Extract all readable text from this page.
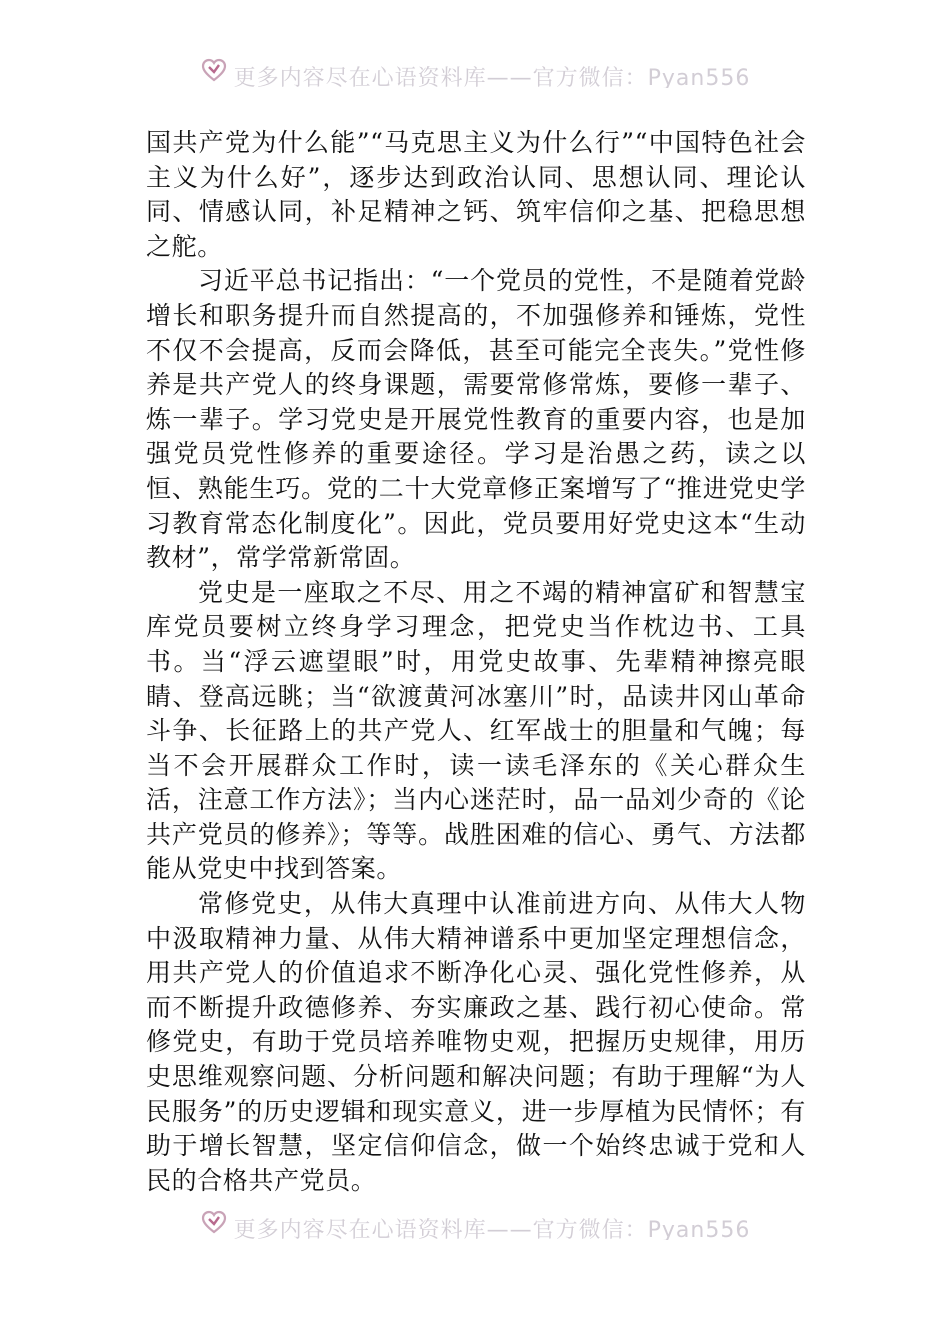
更多内容尽在心语资料库——官方微信：Pyan556

国共产党为什么能”“马克思主义为什么行”“中国特色社会主义为什么好”，逐步达到政治认同、思想认同、理论认同、情感认同，补足精神之钙、筑牢信仰之基、把稳思想之舵。

习近平总书记指出：“一个党员的党性，不是随着党龄增长和职务提升而自然提高的，不加强修养和锤炼，党性不仅不会提高，反而会降低，甚至可能完全丧失。”党性修养是共产党人的终身课题，需要常修常炼，要修一辈子、炼一辈子。学习党史是开展党性教育的重要内容，也是加强党员党性修养的重要途径。学习是治愚之药，读之以恒、熟能生巧。党的二十大党章修正案增写了“推进党史学习教育常态化制度化”。因此，党员要用好党史这本“生动教材”，常学常新常固。

党史是一座取之不尽、用之不竭的精神富矿和智慧宝库党员要树立终身学习理念，把党史当作枕边书、工具书。当“浮云遮望眼”时，用党史故事、先辈精神擦亮眼睛、登高远眺；当“欲渡黄河冰塞川”时，品读井冈山革命斗争、长征路上的共产党人、红军战士的胆量和气魄；每当不会开展群众工作时，读一读毛泽东的《关心群众生活，注意工作方法》；当内心迷茫时，品一品刘少奇的《论共产党员的修养》；等等。战胜困难的信心、勇气、方法都能从党史中找到答案。

常修党史，从伟大真理中认准前进方向、从伟大人物中汲取精神力量、从伟大精神谱系中更加坚定理想信念，用共产党人的价值追求不断净化心灵、强化党性修养，从而不断提升政德修养、夯实廉政之基、践行初心使命。常修党史，有助于党员培养唯物史观，把握历史规律，用历史思维观察问题、分析问题和解决问题；有助于理解“为人民服务”的历史逻辑和现实意义，进一步厚植为民情怀；有助于增长智慧，坚定信仰信念，做一个始终忠诚于党和人民的合格共产党员。

更多内容尽在心语资料库——官方微信：Pyan556
